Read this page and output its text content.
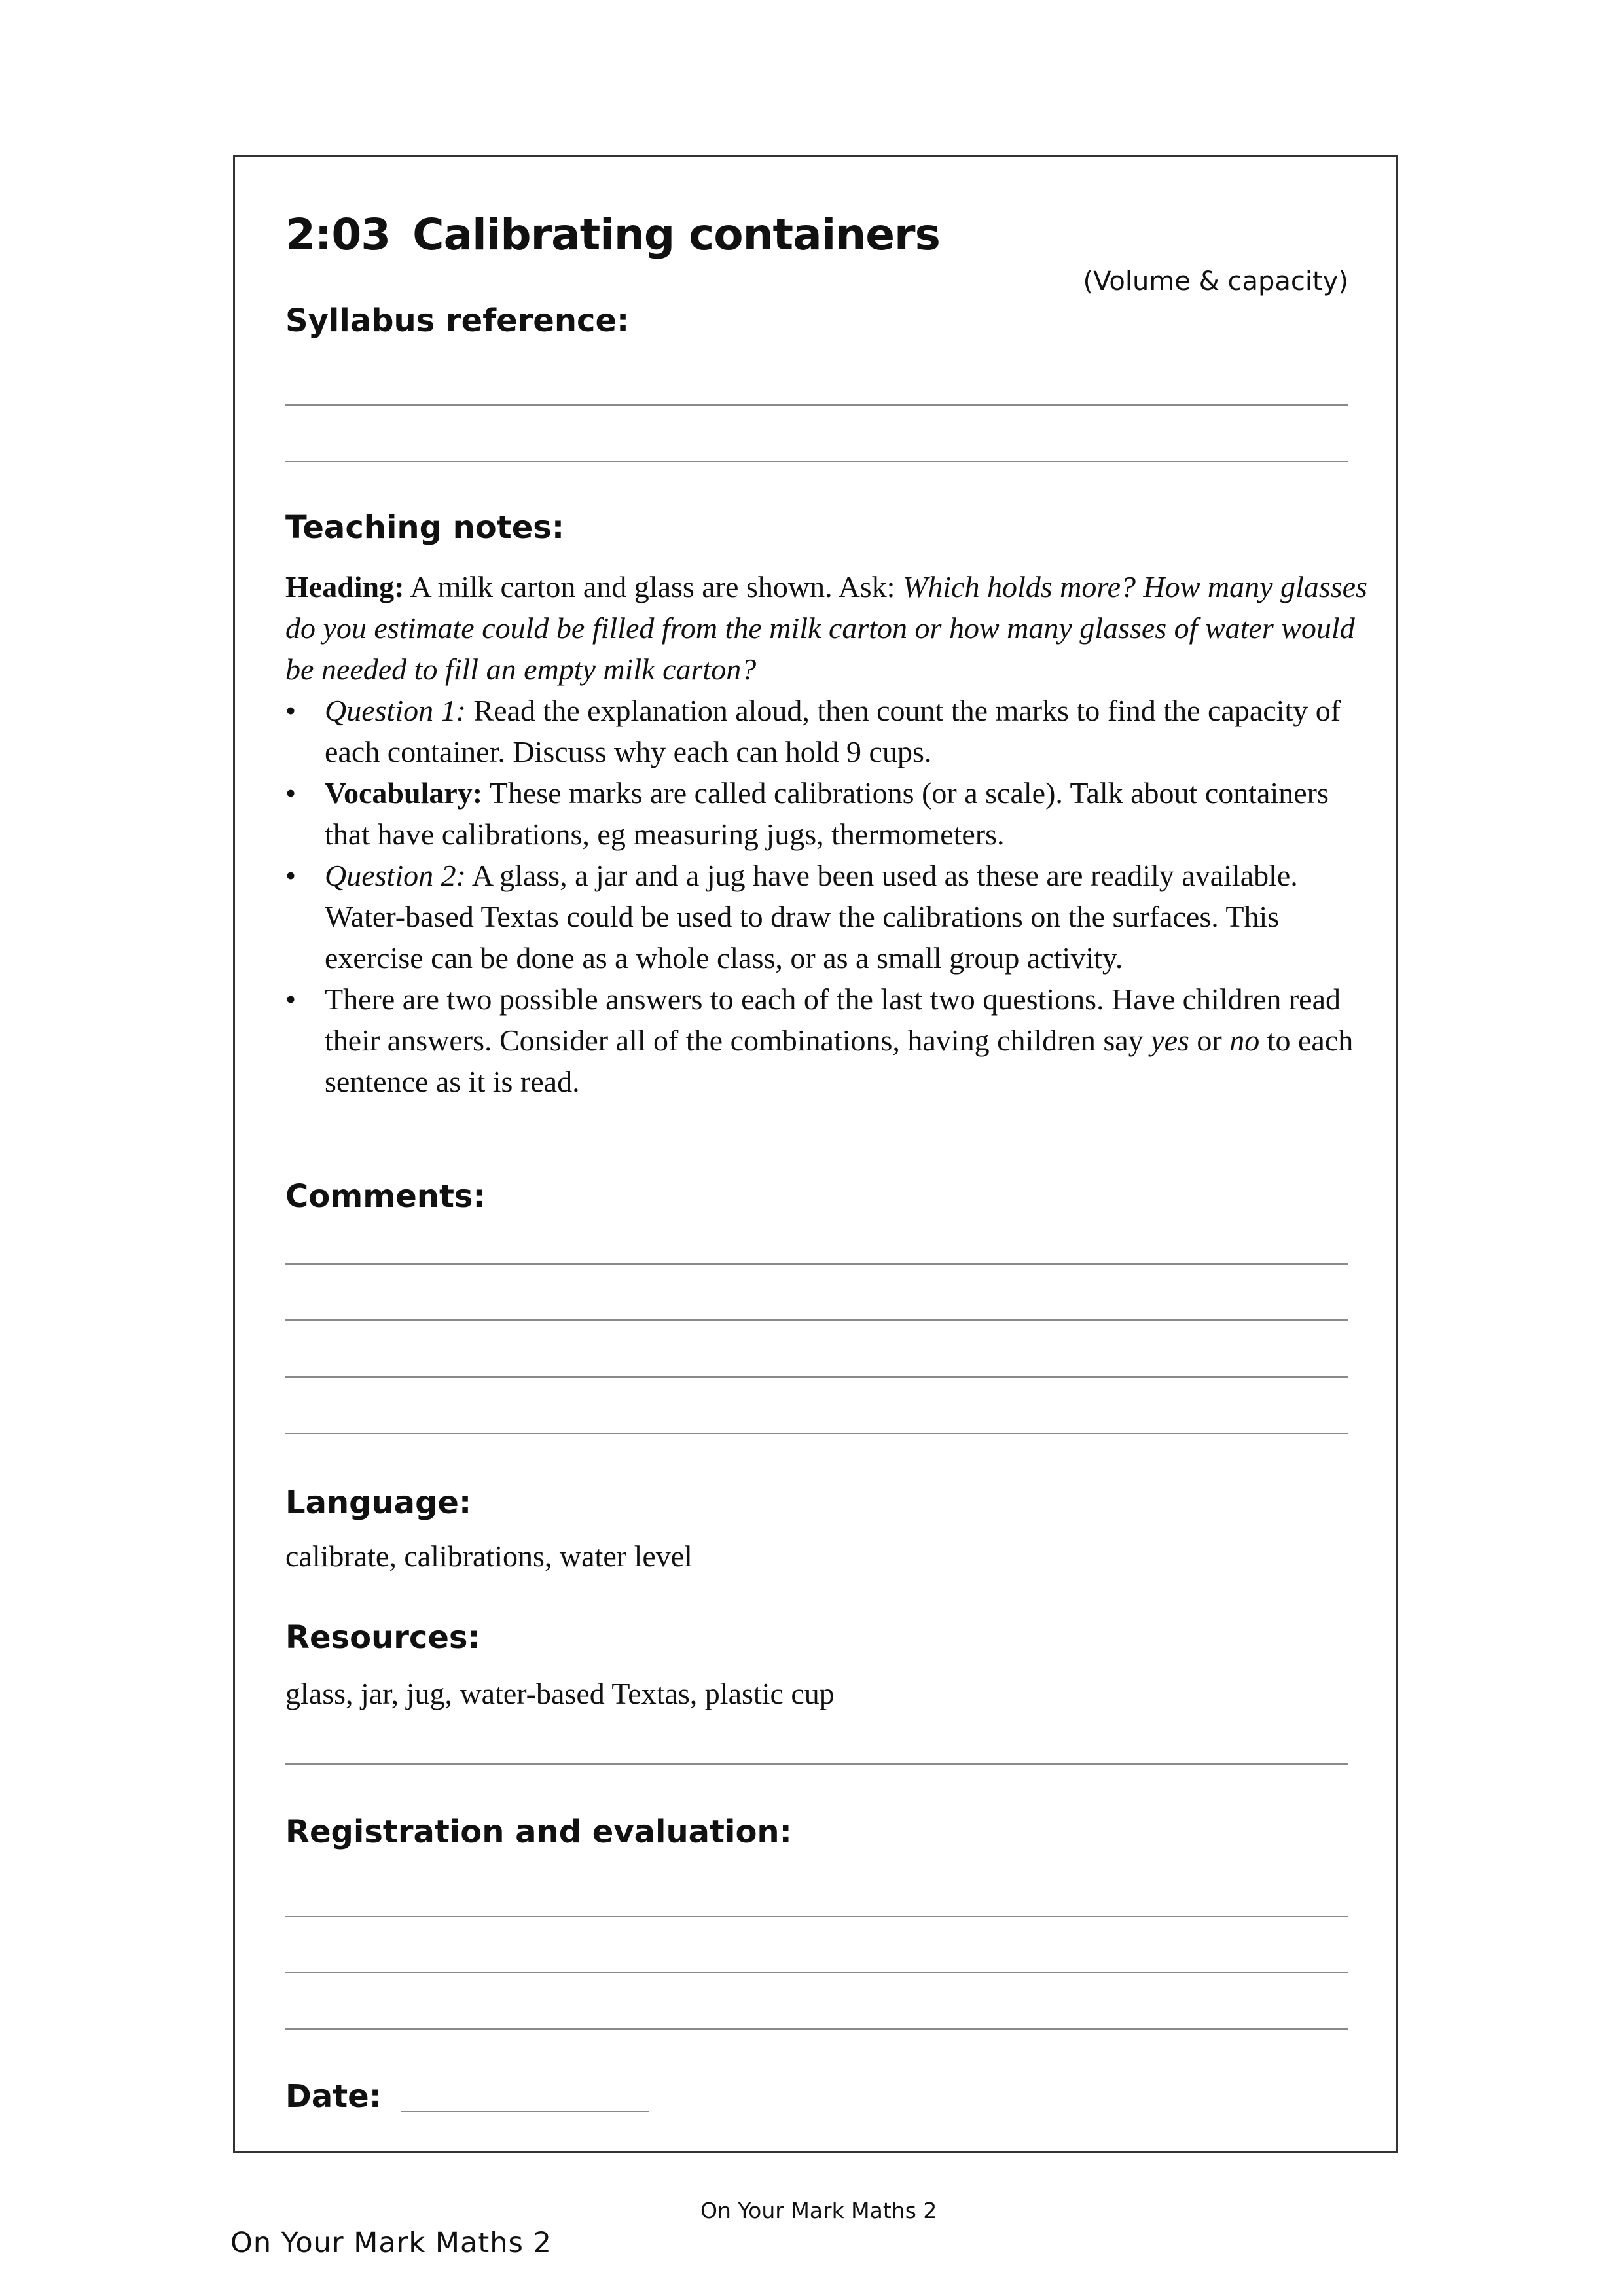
2:03 Calibrating containers
(Volume & capacity)
Syllabus reference:
Teaching notes:

Heading: A milk carton and glass are shown. Ask: Which holds more? How many glasses do you estimate could be filled from the milk carton or how many glasses of water would be needed to fill an empty milk carton?

• Question 1: Read the explanation aloud, then count the marks to find the capacity of each container. Discuss why each can hold 9 cups.
• Vocabulary: These marks are called calibrations (or a scale). Talk about containers that have calibrations, eg measuring jugs, thermometers.
• Question 2: A glass, a jar and a jug have been used as these are readily available. Water-based Textas could be used to draw the calibrations on the surfaces. This exercise can be done as a whole class, or as a small group activity.
• There are two possible answers to each of the last two questions. Have children read their answers. Consider all of the combinations, having children say yes or no to each sentence as it is read.
Comments:
Language:
calibrate, calibrations, water level
Resources:
glass, jar, jug, water-based Textas, plastic cup
Registration and evaluation:
Date:
On Your Mark Maths 2
On Your Mark Maths 2
